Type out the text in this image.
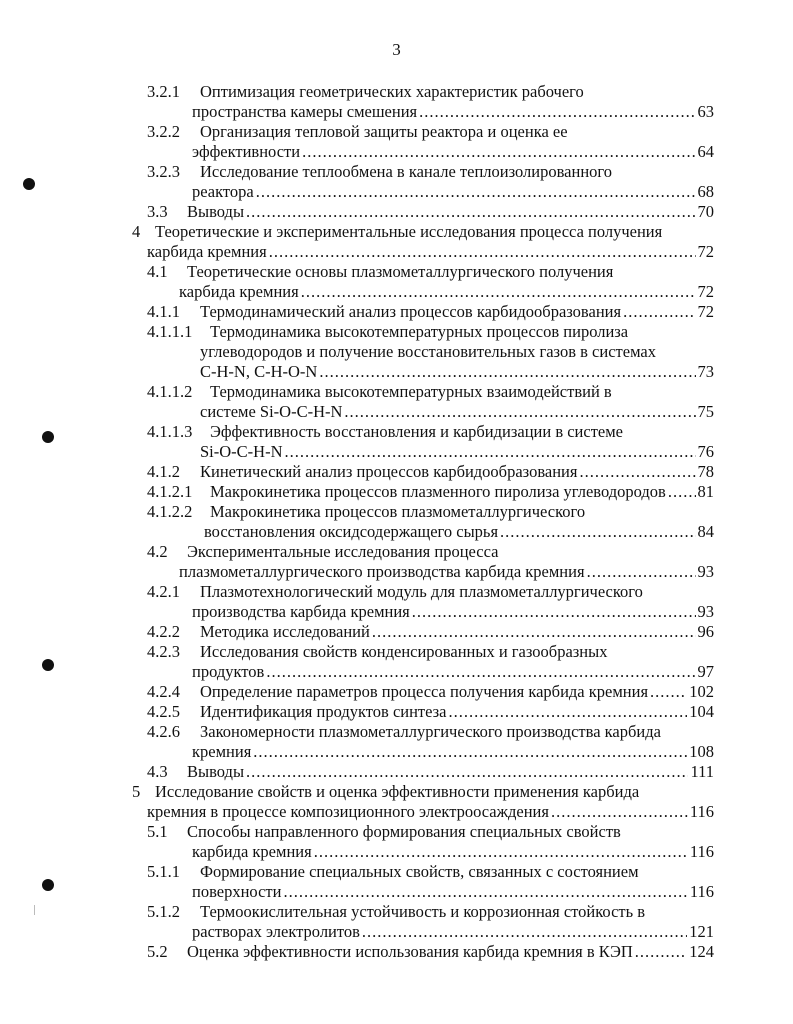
3
3.2.1	Оптимизация геометрических характеристик рабочего
пространства камеры смешения .....	63
3.2.2	Организация тепловой защиты реактора и оценка ее
эффективности .....	64
3.2.3	Исследование теплообмена в канале теплоизолированного
реактора .....	68
3.3	Выводы .....	70
4 Теоретические и экспериментальные исследования процесса получения
карбида кремния .....	72
4.1	Теоретические основы плазмометаллургического получения
карбида кремния .....	72
4.1.1	Термодинамический анализ процессов карбидообразования .....	72
4.1.1.1	Термодинамика высокотемпературных процессов пиролиза
углеводородов и получение восстановительных газов в системах
C-H-N, C-H-O-N .....	73
4.1.1.2	Термодинамика высокотемпературных взаимодействий в
системе Si-O-C-H-N .....	75
4.1.1.3	Эффективность восстановления и карбидизации в системе
Si-O-C-H-N .....	76
4.1.2	Кинетический анализ процессов карбидообразования .....	78
4.1.2.1	Макрокинетика процессов плазменного пиролиза углеводородов ..... 81
4.1.2.2	Макрокинетика процессов плазмометаллургического
восстановления оксидсодержащего сырья .....	84
4.2	Экспериментальные исследования процесса
плазмометаллургического производства карбида кремния .....	93
4.2.1	Плазмотехнологический модуль для плазмометаллургического
производства карбида кремния .....	93
4.2.2	Методика исследований .....	96
4.2.3	Исследования свойств конденсированных и газообразных
продуктов .....	97
4.2.4	Определение параметров процесса получения карбида кремния ..... 102
4.2.5	Идентификация продуктов синтеза .....	104
4.2.6	Закономерности плазмометаллургического производства карбида
кремния .....	108
4.3	Выводы .....	111
5 Исследование свойств и оценка эффективности применения карбида
кремния в процессе композиционного электроосаждения .....	116
5.1	Способы направленного формирования специальных свойств
карбида кремния .....	116
5.1.1	Формирование специальных свойств, связанных с состоянием
поверхности .....	116
5.1.2	Термоокислительная устойчивость и коррозионная стойкость в
растворах электролитов .....	121
5.2	Оценка эффективности использования карбида кремния в КЭП .....	124
